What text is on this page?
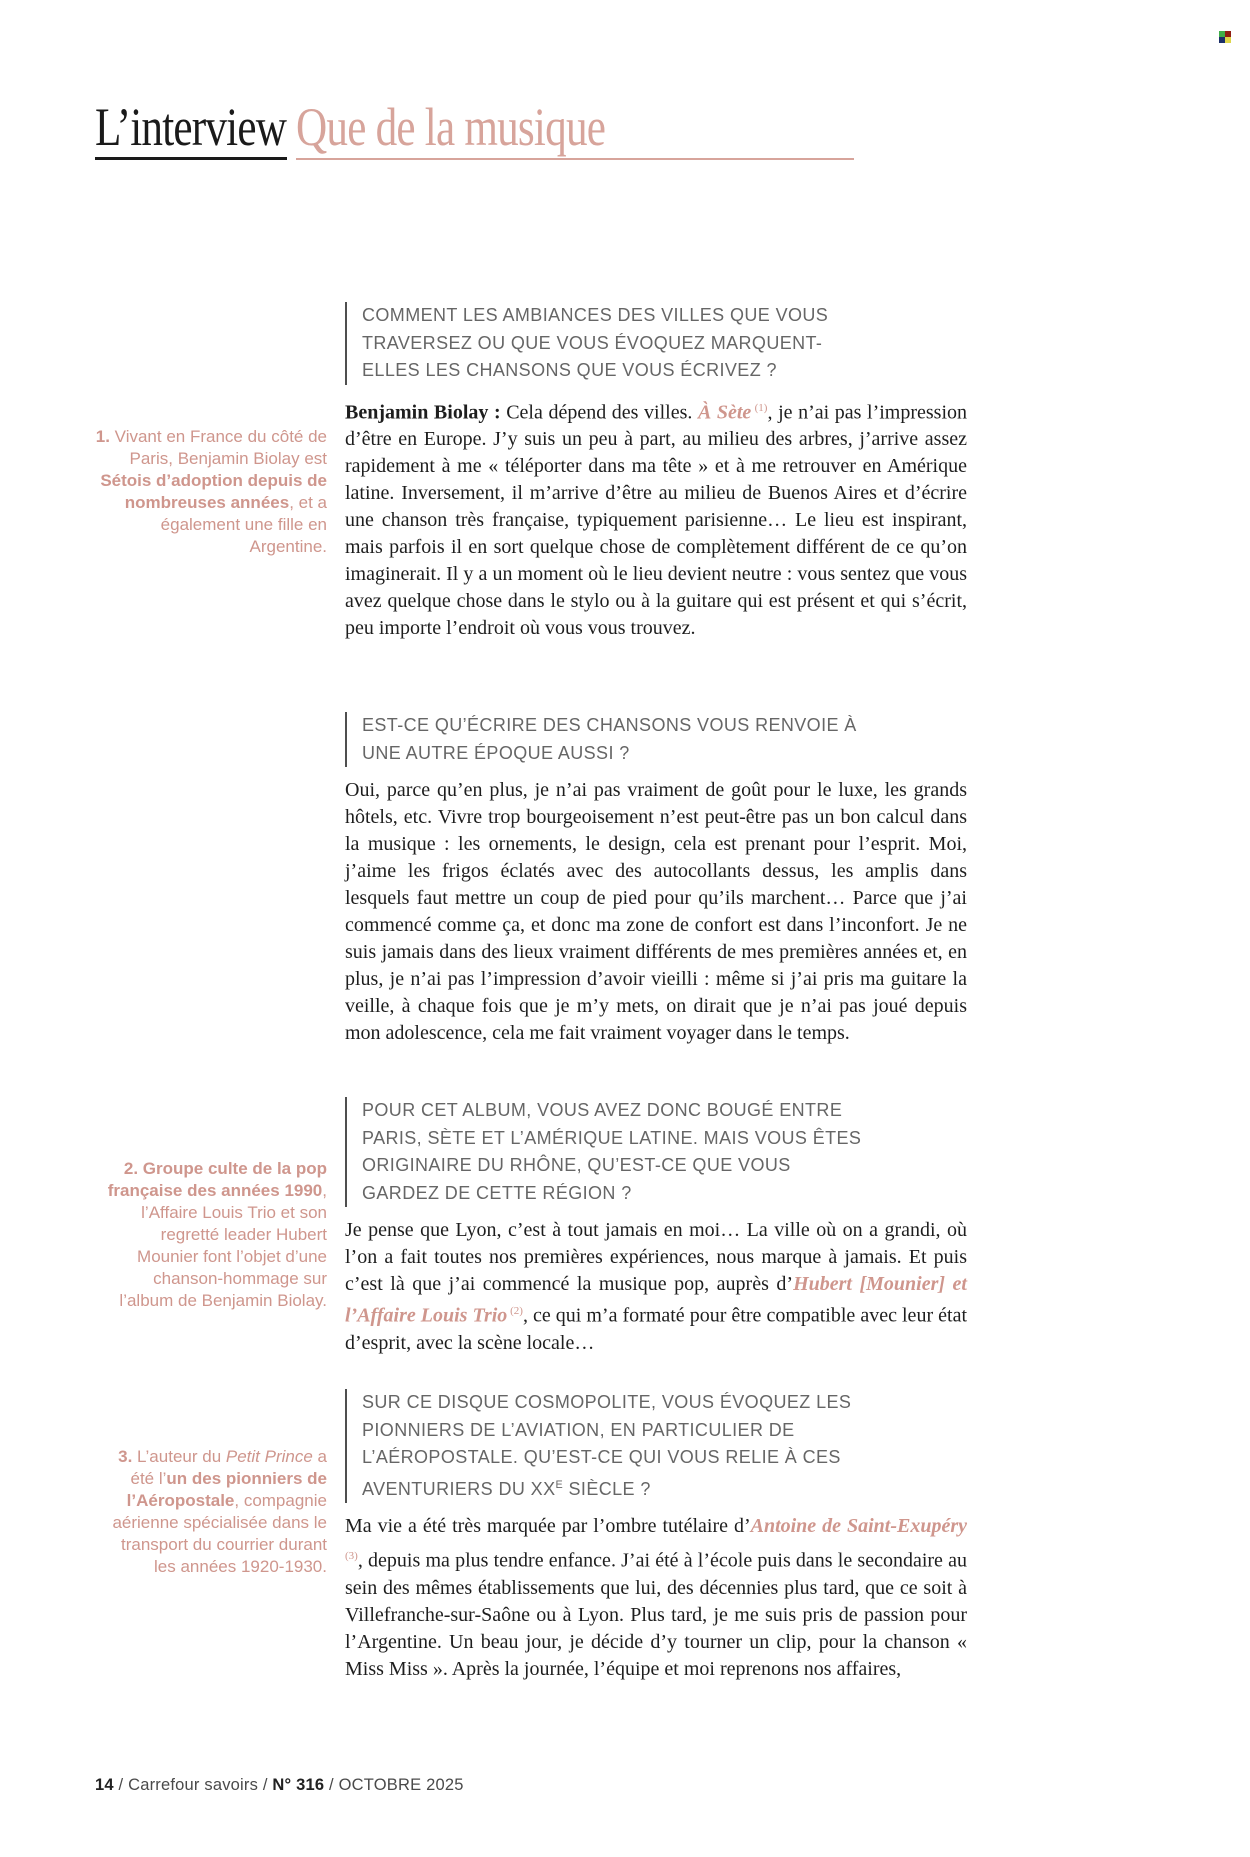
L’interview Que de la musique
1. Vivant en France du côté de Paris, Benjamin Biolay est Sétois d’adoption depuis de nombreuses années, et a également une fille en Argentine.
2. Groupe culte de la pop française des années 1990, l’Affaire Louis Trio et son regretté leader Hubert Mounier font l’objet d’une chanson-hommage sur l’album de Benjamin Biolay.
3. L’auteur du Petit Prince a été l’un des pionniers de l’Aéropostale, compagnie aérienne spécialisée dans le transport du courrier durant les années 1920-1930.
COMMENT LES AMBIANCES DES VILLES QUE VOUS TRAVERSEZ OU QUE VOUS ÉVOQUEZ MARQUENT-ELLES LES CHANSONS QUE VOUS ÉCRIVEZ ?

Benjamin Biolay : Cela dépend des villes. À Sète $^{(1)}$, je n’ai pas l’impression d’être en Europe. J’y suis un peu à part, au milieu des arbres, j’arrive assez rapidement à me « téléporter dans ma tête » et à me retrouver en Amérique latine. Inversement, il m’arrive d’être au milieu de Buenos Aires et d’écrire une chanson très française, typiquement parisienne… Le lieu est inspirant, mais parfois il en sort quelque chose de complètement différent de ce qu’on imaginerait. Il y a un moment où le lieu devient neutre : vous sentez que vous avez quelque chose dans le stylo ou à la guitare qui est présent et qui s’écrit, peu importe l’endroit où vous vous trouvez.

EST-CE QU’ÉCRIRE DES CHANSONS VOUS RENVOIE À UNE AUTRE ÉPOQUE AUSSI ?

Oui, parce qu’en plus, je n’ai pas vraiment de goût pour le luxe, les grands hôtels, etc. Vivre trop bourgeoisement n’est peut-être pas un bon calcul dans la musique : les ornements, le design, cela est prenant pour l’esprit. Moi, j’aime les frigos éclatés avec des autocollants dessus, les amplis dans lesquels faut mettre un coup de pied pour qu’ils marchent… Parce que j’ai commencé comme ça, et donc ma zone de confort est dans l’inconfort. Je ne suis jamais dans des lieux vraiment différents de mes premières années et, en plus, je n’ai pas l’impression d’avoir vieilli : même si j’ai pris ma guitare la veille, à chaque fois que je m’y mets, on dirait que je n’ai pas joué depuis mon adolescence, cela me fait vraiment voyager dans le temps.

POUR CET ALBUM, VOUS AVEZ DONC BOUGÉ ENTRE PARIS, SÈTE ET L’AMÉRIQUE LATINE. MAIS VOUS ÊTES ORIGINAIRE DU RHÔNE, QU’EST-CE QUE VOUS GARDEZ DE CETTE RÉGION ?

Je pense que Lyon, c’est à tout jamais en moi… La ville où on a grandi, où l’on a fait toutes nos premières expériences, nous marque à jamais. Et puis c’est là que j’ai commencé la musique pop, auprès d’Hubert [Mounier] et l’Affaire Louis Trio $^{(2)}$, ce qui m’a formaté pour être compatible avec leur état d’esprit, avec la scène locale…

SUR CE DISQUE COSMOPOLITE, VOUS ÉVOQUEZ LES PIONNIERS DE L’AVIATION, EN PARTICULIER DE L’AÉROPOSTALE. QU’EST-CE QUI VOUS RELIE À CES AVENTURIERS DU $XX^E$ SIÈCLE ?

Ma vie a été très marquée par l’ombre tutélaire d’Antoine de Saint-Exupéry $^{(3)}$, depuis ma plus tendre enfance. J’ai été à l’école puis dans le secondaire au sein des mêmes établissements que lui, des décennies plus tard, que ce soit à Villefranche-sur-Saône ou à Lyon. Plus tard, je me suis pris de passion pour l’Argentine. Un beau jour, je décide d’y tourner un clip, pour la chanson « Miss Miss ». Après la journée, l’équipe et moi reprenons nos affaires,

14 / Carrefour savoirs / N° 316 / OCTOBRE 2025
